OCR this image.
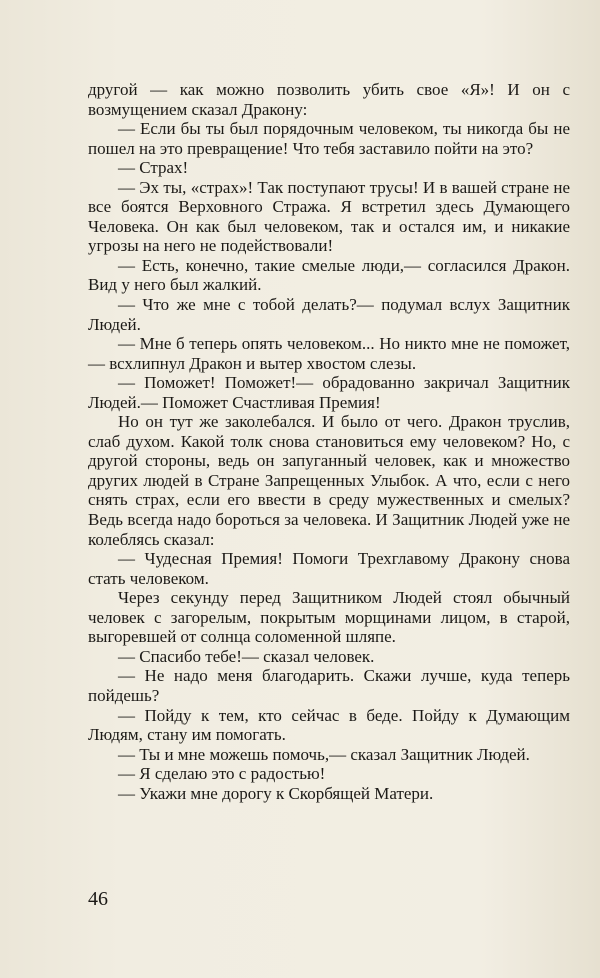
другой — как можно позволить убить свое «Я»! И он с возмущением сказал Дракону:

— Если бы ты был порядочным человеком, ты никогда бы не пошел на это превращение! Что тебя заставило пойти на это?

— Страх!

— Эх ты, «страх»! Так поступают трусы! И в вашей стране не все боятся Верховного Стража. Я встретил здесь Думающего Человека. Он как был человеком, так и остался им, и никакие угрозы на него не подействовали!

— Есть, конечно, такие смелые люди,— согласился Дракон. Вид у него был жалкий.

— Что же мне с тобой делать?— подумал вслух Защитник Людей.

— Мне б теперь опять человеком... Но никто мне не поможет,— всхлипнул Дракон и вытер хвостом слезы.

— Поможет! Поможет!— обрадованно закричал Защитник Людей.— Поможет Счастливая Премия!

Но он тут же заколебался. И было от чего. Дракон труслив, слаб духом. Какой толк снова становиться ему человеком? Но, с другой стороны, ведь он запуганный человек, как и множество других людей в Стране Запрещенных Улыбок. А что, если с него снять страх, если его ввести в среду мужественных и смелых? Ведь всегда надо бороться за человека. И Защитник Людей уже не колеблясь сказал:

— Чудесная Премия! Помоги Трехглавому Дракону снова стать человеком.

Через секунду перед Защитником Людей стоял обычный человек с загорелым, покрытым морщинами лицом, в старой, выгоревшей от солнца соломенной шляпе.

— Спасибо тебе!— сказал человек.

— Не надо меня благодарить. Скажи лучше, куда теперь пойдешь?

— Пойду к тем, кто сейчас в беде. Пойду к Думающим Людям, стану им помогать.

— Ты и мне можешь помочь,— сказал Защитник Людей.

— Я сделаю это с радостью!

— Укажи мне дорогу к Скорбящей Матери.

46
